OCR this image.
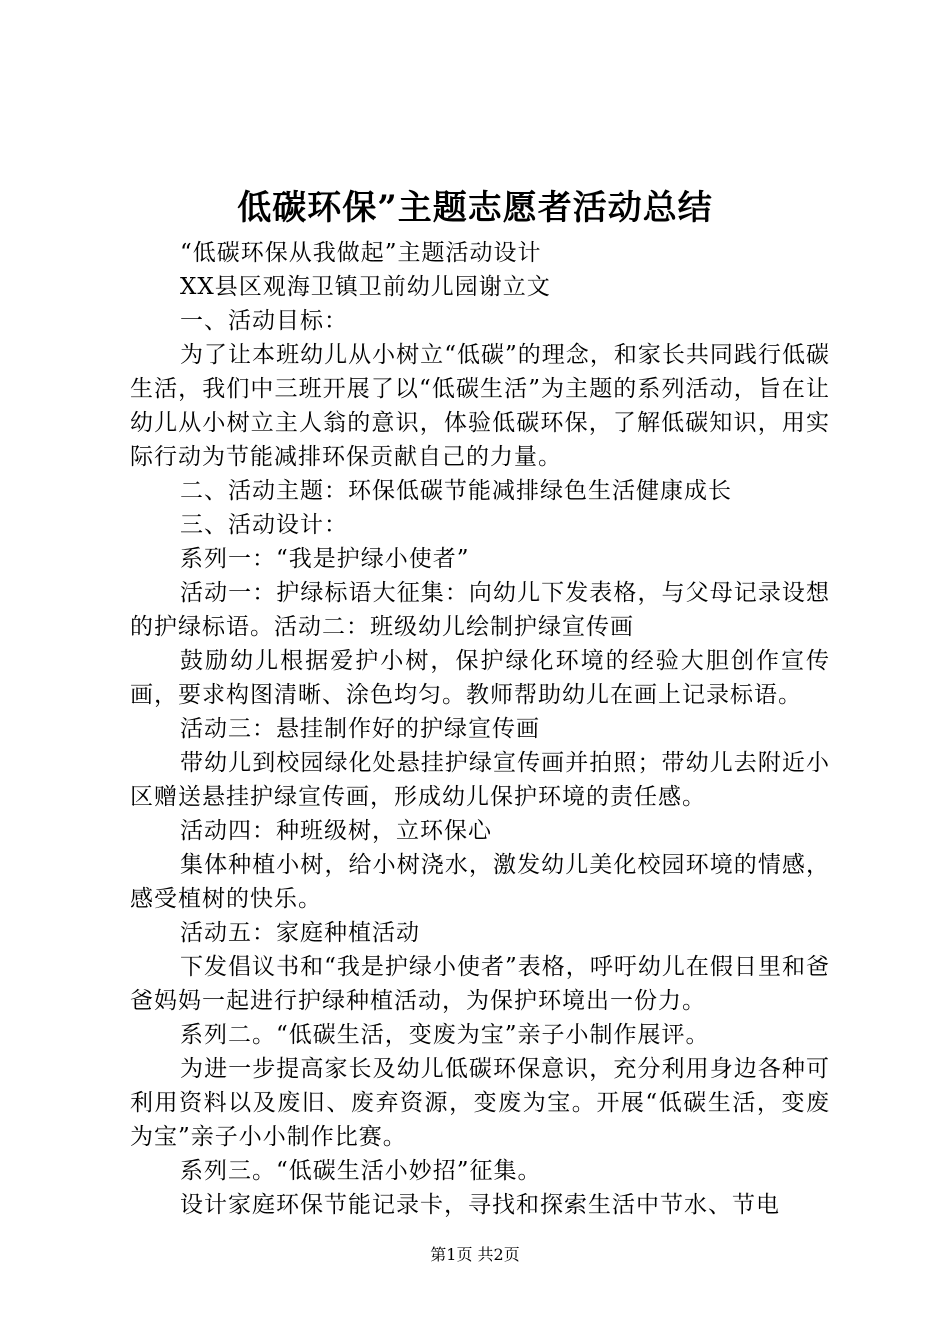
低碳环保”主题志愿者活动总结

“低碳环保从我做起”主题活动设计

XX县区观海卫镇卫前幼儿园谢立文

一、活动目标：

为了让本班幼儿从小树立“低碳”的理念，和家长共同践行低碳生活，我们中三班开展了以“低碳生活”为主题的系列活动，旨在让幼儿从小树立主人翁的意识，体验低碳环保，了解低碳知识，用实际行动为节能减排环保贡献自己的力量。

二、活动主题：环保低碳节能减排绿色生活健康成长

三、活动设计：

系列一：“我是护绿小使者”

活动一：护绿标语大征集：向幼儿下发表格，与父母记录设想的护绿标语。活动二：班级幼儿绘制护绿宣传画

鼓励幼儿根据爱护小树，保护绿化环境的经验大胆创作宣传画，要求构图清晰、涂色均匀。教师帮助幼儿在画上记录标语。

活动三：悬挂制作好的护绿宣传画

带幼儿到校园绿化处悬挂护绿宣传画并拍照；带幼儿去附近小区赠送悬挂护绿宣传画，形成幼儿保护环境的责任感。

活动四：种班级树，立环保心

集体种植小树，给小树浇水，激发幼儿美化校园环境的情感，感受植树的快乐。

活动五：家庭种植活动

下发倡议书和“我是护绿小使者”表格，呼吁幼儿在假日里和爸爸妈妈一起进行护绿种植活动，为保护环境出一份力。

系列二。“低碳生活，变废为宝”亲子小制作展评。

为进一步提高家长及幼儿低碳环保意识，充分利用身边各种可利用资料以及废旧、废弃资源，变废为宝。开展“低碳生活，变废为宝”亲子小小制作比赛。

系列三。“低碳生活小妙招”征集。

设计家庭环保节能记录卡，寻找和探索生活中节水、节电

第1页 共2页
